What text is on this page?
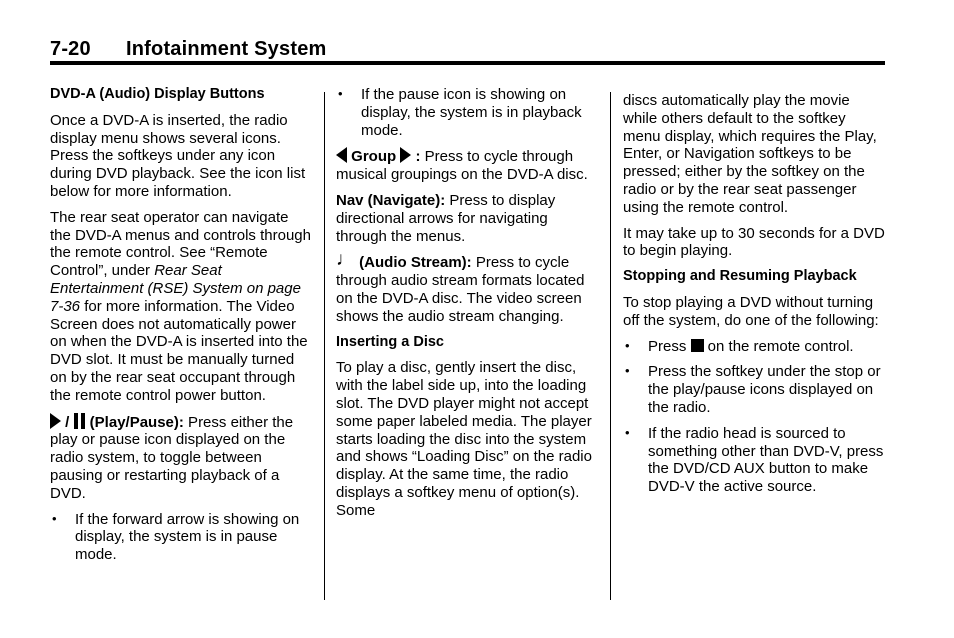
7-20 Infotainment System

DVD-A (Audio) Display Buttons

Once a DVD-A is inserted, the radio display menu shows several icons. Press the softkeys under any icon during DVD playback. See the icon list below for more information.

The rear seat operator can navigate the DVD-A menus and controls through the remote control. See “Remote Control”, under Rear Seat Entertainment (RSE) System on page 7-36 for more information. The Video Screen does not automatically power on when the DVD-A is inserted into the DVD slot. It must be manually turned on by the rear seat occupant through the remote control power button.

/  (Play/Pause): Press either the play or pause icon displayed on the radio system, to toggle between pausing or restarting playback of a DVD.

• If the forward arrow is showing on display, the system is in pause mode.
• If the pause icon is showing on display, the system is in playback mode.

Group  : Press to cycle through musical groupings on the DVD-A disc.

Nav (Navigate): Press to display directional arrows for navigating through the menus.

♩ (Audio Stream): Press to cycle through audio stream formats located on the DVD-A disc. The video screen shows the audio stream changing.

Inserting a Disc

To play a disc, gently insert the disc, with the label side up, into the loading slot. The DVD player might not accept some paper labeled media. The player starts loading the disc into the system and shows “Loading Disc” on the radio display. At the same time, the radio displays a softkey menu of option(s). Some

discs automatically play the movie while others default to the softkey menu display, which requires the Play, Enter, or Navigation softkeys to be pressed; either by the softkey on the radio or by the rear seat passenger using the remote control.

It may take up to 30 seconds for a DVD to begin playing.

Stopping and Resuming Playback

To stop playing a DVD without turning off the system, do one of the following:

• Press  on the remote control.
• Press the softkey under the stop or the play/pause icons displayed on the radio.
• If the radio head is sourced to something other than DVD-V, press the DVD/CD AUX button to make DVD-V the active source.
